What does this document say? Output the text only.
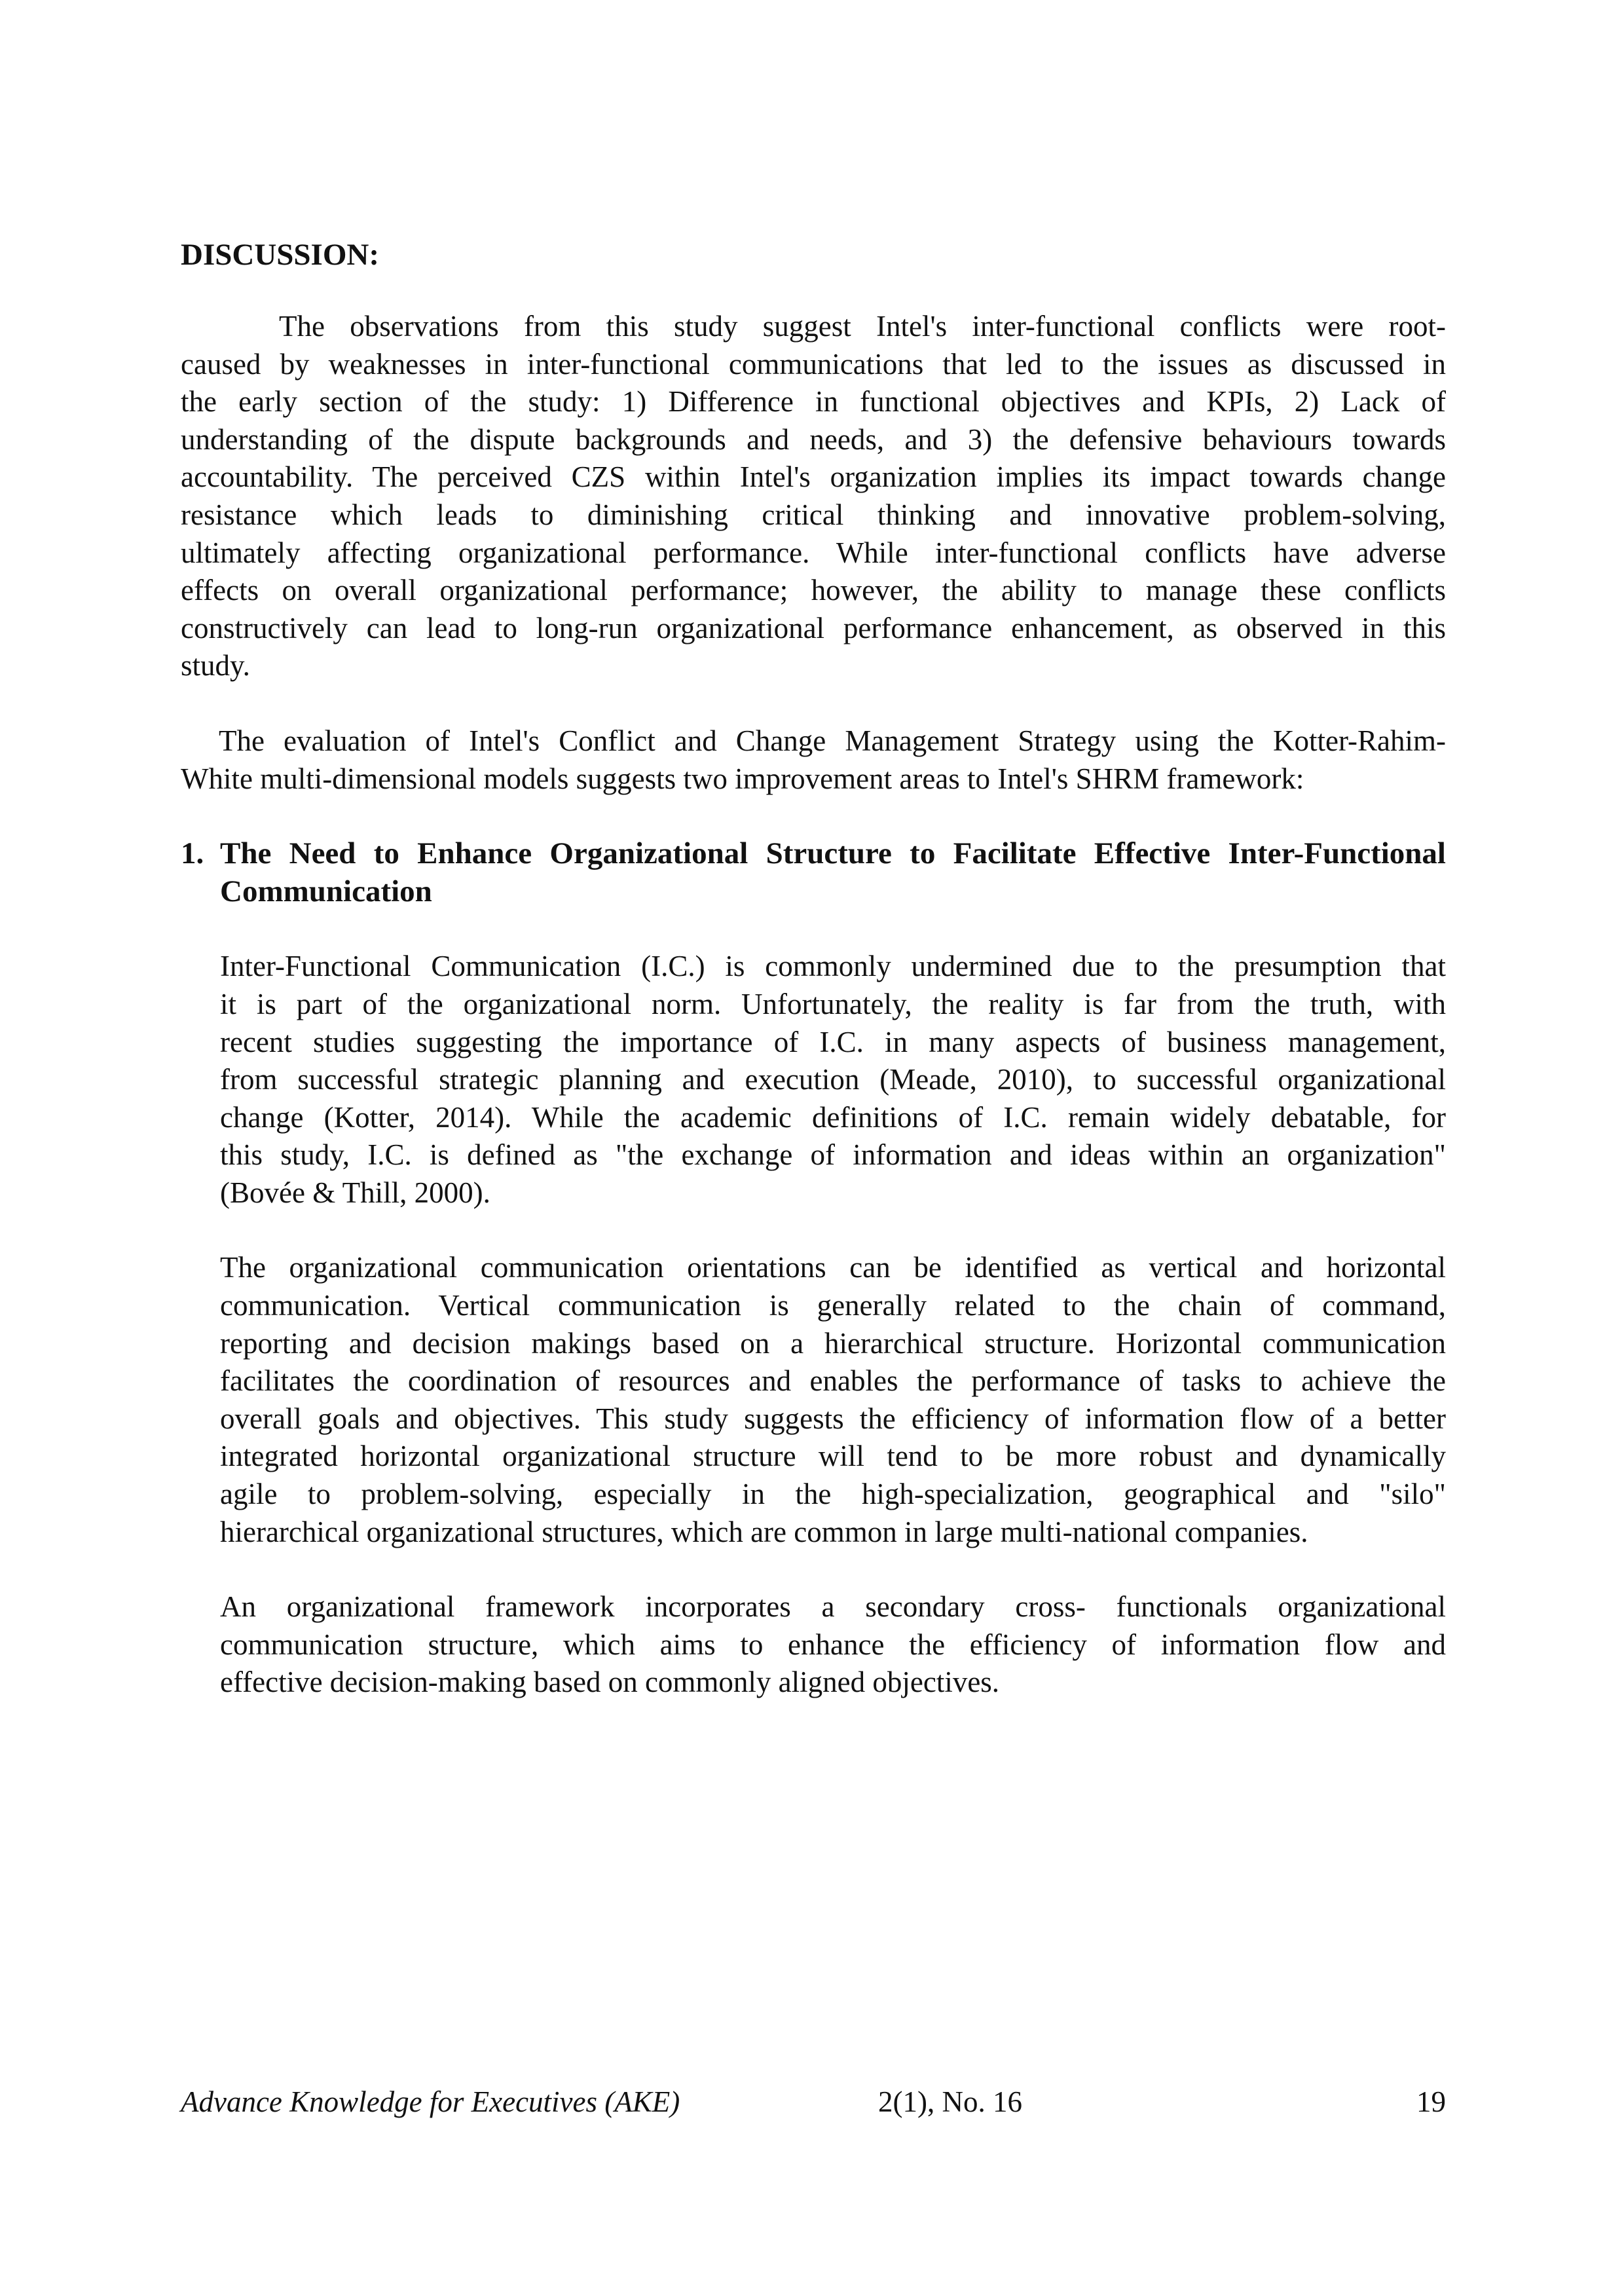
DISCUSSION:
The observations from this study suggest Intel's inter-functional conflicts were root-
caused by weaknesses in inter-functional communications that led to the issues as discussed in
the early section of the study: 1) Difference in functional objectives and KPIs, 2) Lack of
understanding of the dispute backgrounds and needs, and 3) the defensive behaviours towards
accountability. The perceived CZS within Intel's organization implies its impact towards change
resistance which leads to diminishing critical thinking and innovative problem-solving,
ultimately affecting organizational performance. While inter-functional conflicts have adverse
effects on overall organizational performance; however, the ability to manage these conflicts
constructively can lead to long-run organizational performance enhancement, as observed in this
study.
The evaluation of Intel's Conflict and Change Management Strategy using the Kotter-Rahim-
White multi-dimensional models suggests two improvement areas to Intel's SHRM framework:
1. The Need to Enhance Organizational Structure to Facilitate Effective Inter-Functional
Communication
Inter-Functional Communication (I.C.) is commonly undermined due to the presumption that
it is part of the organizational norm. Unfortunately, the reality is far from the truth, with
recent studies suggesting the importance of I.C. in many aspects of business management,
from successful strategic planning and execution (Meade, 2010), to successful organizational
change (Kotter, 2014). While the academic definitions of I.C. remain widely debatable, for
this study, I.C. is defined as "the exchange of information and ideas within an organization"
(Bovée & Thill, 2000).
The organizational communication orientations can be identified as vertical and horizontal
communication. Vertical communication is generally related to the chain of command,
reporting and decision makings based on a hierarchical structure. Horizontal communication
facilitates the coordination of resources and enables the performance of tasks to achieve the
overall goals and objectives. This study suggests the efficiency of information flow of a better
integrated horizontal organizational structure will tend to be more robust and dynamically
agile to problem-solving, especially in the high-specialization, geographical and "silo"
hierarchical organizational structures, which are common in large multi-national companies.
An organizational framework incorporates a secondary cross- functionals organizational
communication structure, which aims to enhance the efficiency of information flow and
effective decision-making based on commonly aligned objectives.
Advance Knowledge for Executives (AKE)	2(1), No. 16	19
